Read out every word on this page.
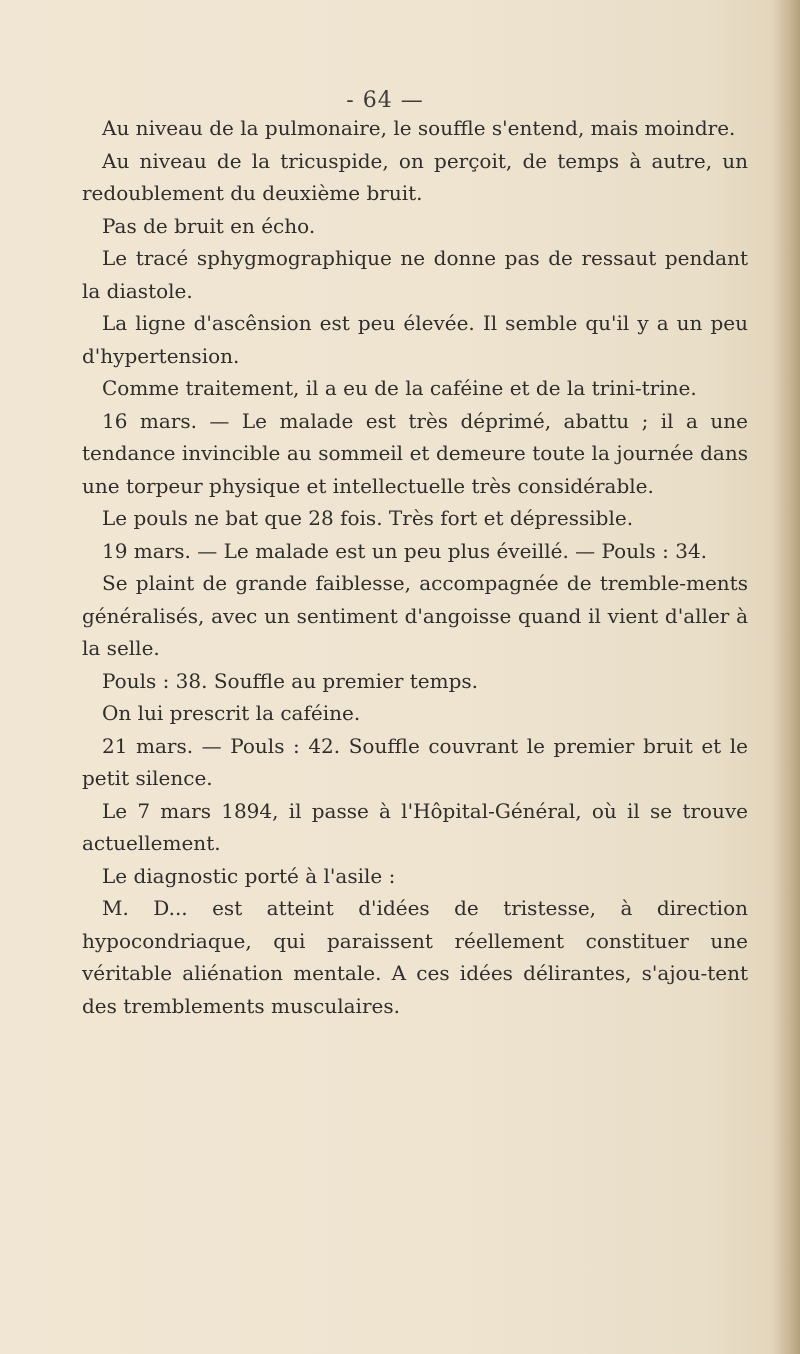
- 64 —

Au niveau de la pulmonaire, le souffle s'entend, mais moindre.

Au niveau de la tricuspide, on perçoit, de temps à autre, un redoublement du deuxième bruit.

Pas de bruit en écho.

Le tracé sphygmographique ne donne pas de ressaut pendant la diastole.

La ligne d'ascênsion est peu élevée. Il semble qu'il y a un peu d'hypertension.

Comme traitement, il a eu de la caféine et de la trini-trine.

16 mars. — Le malade est très déprimé, abattu ; il a une tendance invincible au sommeil et demeure toute la journée dans une torpeur physique et intellectuelle très considérable.

Le pouls ne bat que 28 fois. Très fort et dépressible.

19 mars. — Le malade est un peu plus éveillé. — Pouls : 34.

Se plaint de grande faiblesse, accompagnée de tremble-ments généralisés, avec un sentiment d'angoisse quand il vient d'aller à la selle.

Pouls : 38. Souffle au premier temps.

On lui prescrit la caféine.

21 mars. — Pouls : 42. Souffle couvrant le premier bruit et le petit silence.

Le 7 mars 1894, il passe à l'Hôpital-Général, où il se trouve actuellement.

Le diagnostic porté à l'asile :

M. D... est atteint d'idées de tristesse, à direction hypocondriaque, qui paraissent réellement constituer une véritable aliénation mentale. A ces idées délirantes, s'ajou-tent des tremblements musculaires.
